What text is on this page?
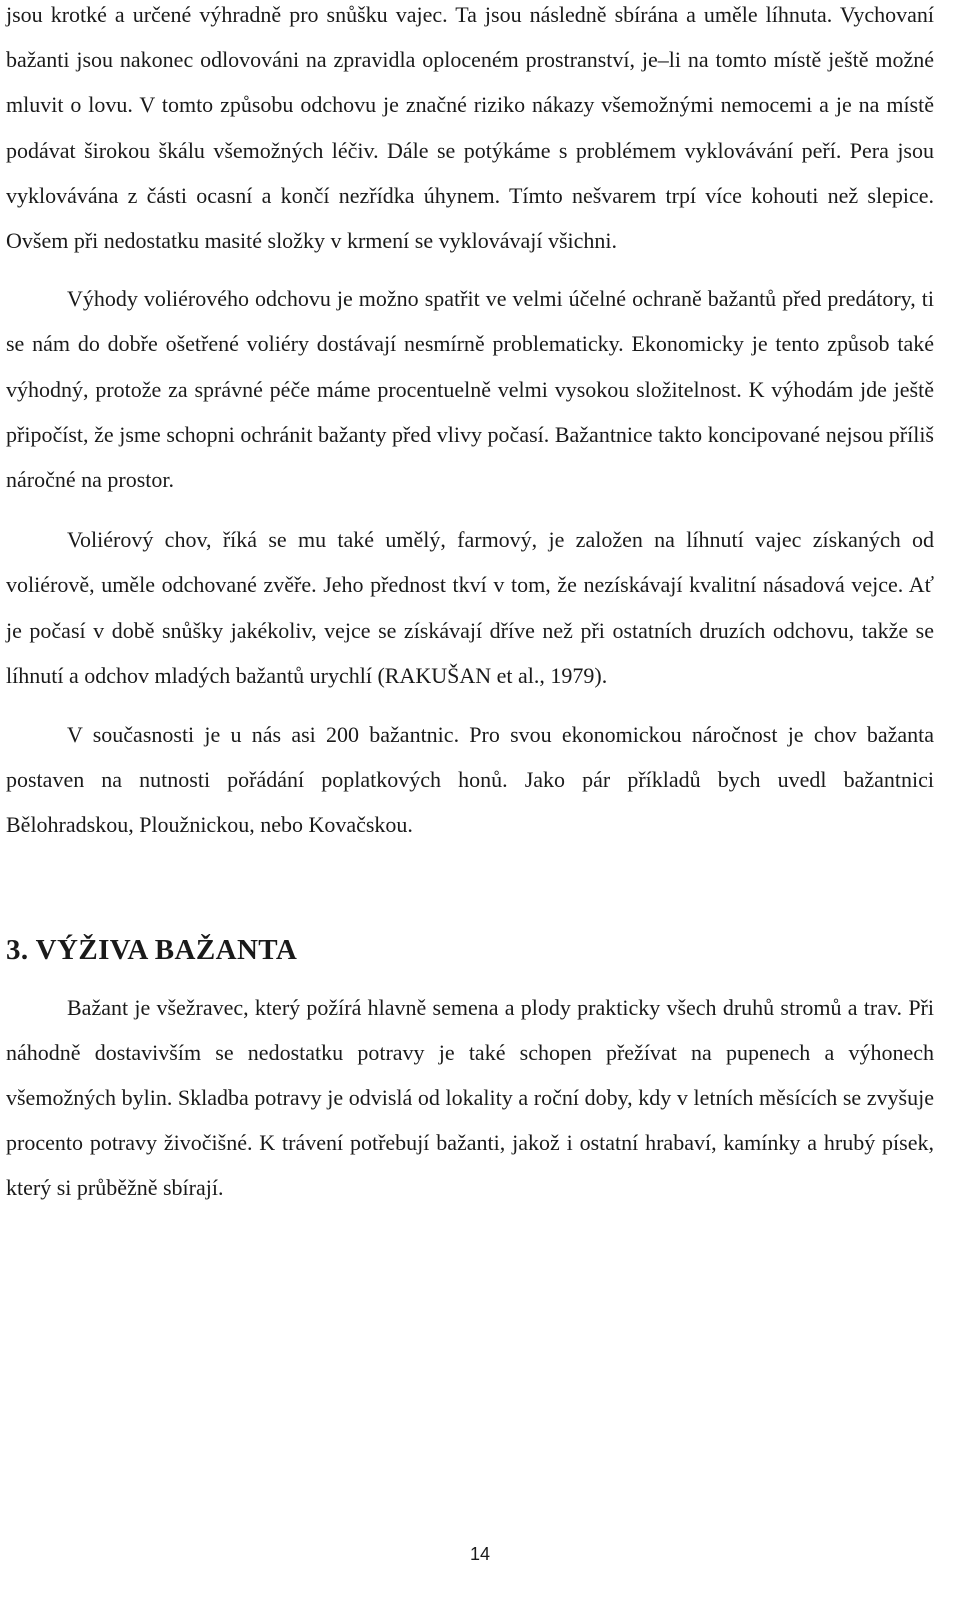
jsou krotké a určené výhradně pro snůšku vajec. Ta jsou následně sbírána a uměle líhnuta. Vychovaní bažanti jsou nakonec odlovováni na zpravidla oploceném prostranství, je–li na tomto místě ještě možné mluvit o lovu. V tomto způsobu odchovu je značné riziko nákazy všemožnými nemocemi a je na místě podávat širokou škálu všemožných léčiv. Dále se potýkáme s problémem vyklovávání peří. Pera jsou vyklovávána z části ocasní a končí nezřídka úhynem. Tímto nešvarem trpí více kohouti než slepice. Ovšem při nedostatku masité složky v krmení se vyklovávají všichni.

Výhody voliérového odchovu je možno spatřit ve velmi účelné ochraně bažantů před predátory, ti se nám do dobře ošetřené voliéry dostávají nesmírně problematicky. Ekonomicky je tento způsob také výhodný, protože za správné péče máme procentuelně velmi vysokou složitelnost. K výhodám jde ještě připočíst, že jsme schopni ochránit bažanty před vlivy počasí. Bažantnice takto koncipované nejsou příliš náročné na prostor.

Voliérový chov, říká se mu také umělý, farmový, je založen na líhnutí vajec získaných od voliérově, uměle odchované zvěře. Jeho přednost tkví v tom, že nezískávají kvalitní násadová vejce. Ať je počasí v době snůšky jakékoliv, vejce se získávají dříve než při ostatních druzích odchovu, takže se líhnutí a odchov mladých bažantů urychlí (RAKUŠAN et al., 1979).

V současnosti je u nás asi 200 bažantnic. Pro svou ekonomickou náročnost je chov bažanta postaven na nutnosti pořádání poplatkových honů. Jako pár příkladů bych uvedl bažantnici Bělohradskou, Ploužnickou, nebo Kovačskou.

3. VÝŽIVA BAŽANTA

Bažant je všežravec, který požírá hlavně semena a plody prakticky všech druhů stromů a trav. Při náhodně dostavivším se nedostatku potravy je také schopen přežívat na pupenech a výhonech všemožných bylin. Skladba potravy je odvislá od lokality a roční doby, kdy v letních měsících se zvyšuje procento potravy živočišné. K trávení potřebují bažanti, jakož i ostatní hrabaví, kamínky a hrubý písek, který si průběžně sbírají.

14
